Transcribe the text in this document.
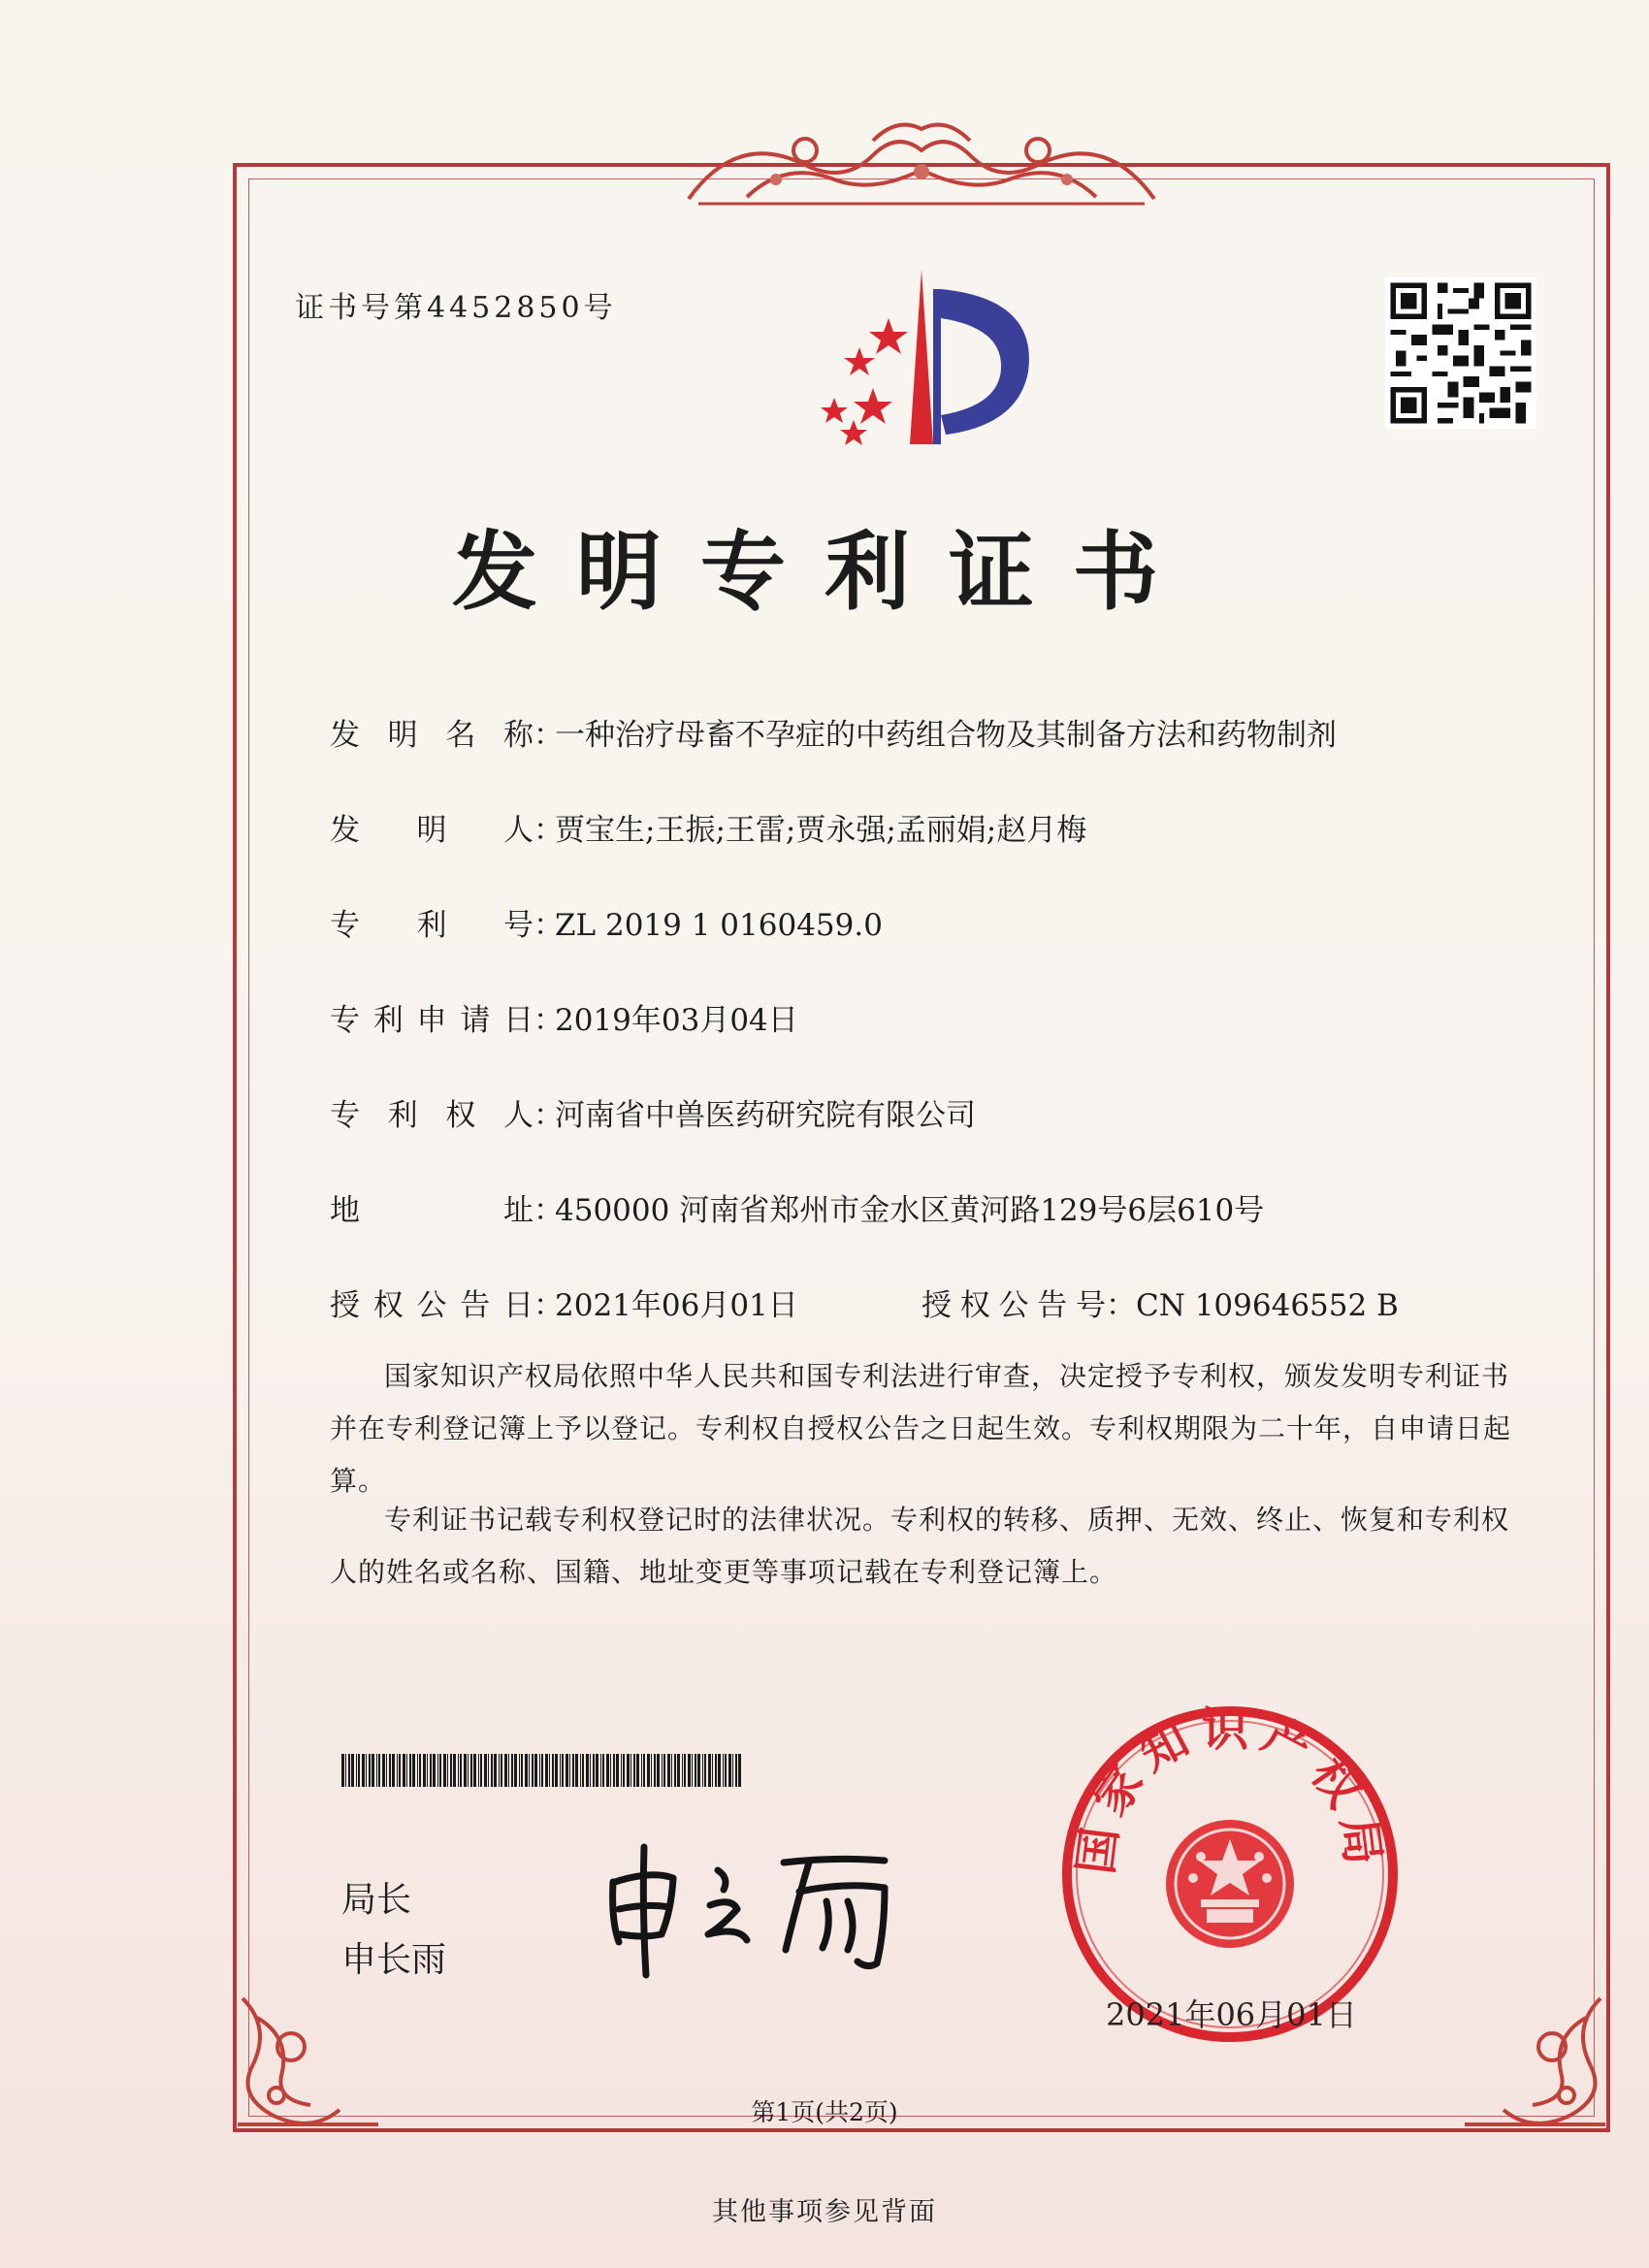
证书号第4452850号
发明专利证书
发明名称：一种治疗母畜不孕症的中药组合物及其制备方法和药物制剂
发明人：贾宝生;王振;王雷;贾永强;孟丽娟;赵月梅
专利号：ZL 2019 1 0160459.0
专利申请日：2019年03月04日
专利权人：河南省中兽医药研究院有限公司
地址：450000 河南省郑州市金水区黄河路129号6层610号
授权公告日：2021年06月01日	授权公告号：CN 109646552 B
国家知识产权局依照中华人民共和国专利法进行审查，决定授予专利权，颁发发明专利证书并在专利登记簿上予以登记。专利权自授权公告之日起生效。专利权期限为二十年，自申请日起算。
专利证书记载专利权登记时的法律状况。专利权的转移、质押、无效、终止、恢复和专利权人的姓名或名称、国籍、地址变更等事项记载在专利登记簿上。
局长
申长雨
国家知识产权局
2021年06月01日
第1页(共2页)
其他事项参见背面
